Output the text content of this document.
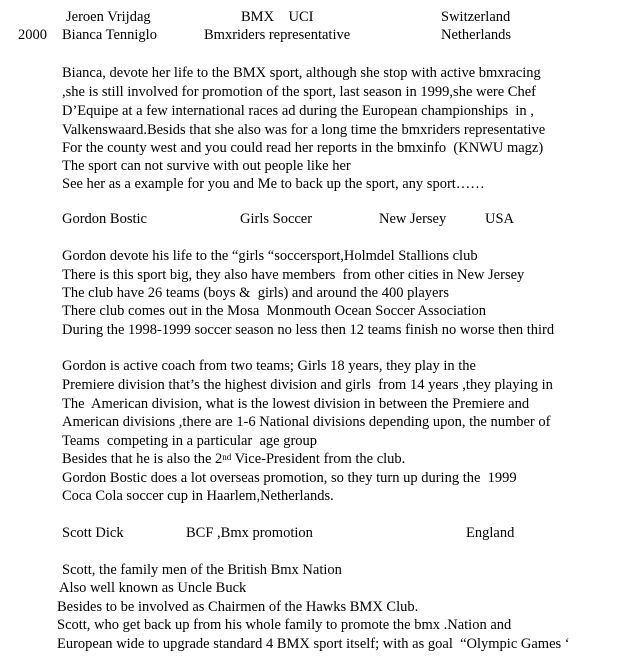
Jeroen Vrijdag	BMX    UCI	Switzerland
2000 Bianca Tenniglo	Bmxriders representative	Netherlands
Bianca, devote her life to the BMX sport, although she stop with active bmxracing
,she is still involved for promotion of the sport, last season in 1999,she were Chef
D’Equipe at a few international races ad during the European championships  in ,
Valkenswaard.Besids that she also was for a long time the bmxriders representative
For the county west and you could read her reports in the bmxinfo  (KNWU magz)
The sport can not survive with out people like her
See her as a example for you and Me to back up the sport, any sport……
Gordon Bostic	Girls Soccer	New Jersey	USA
Gordon devote his life to the “girls “soccersport,Holmdel Stallions club
There is this sport big, they also have members  from other cities in New Jersey
The club have 26 teams (boys &  girls) and around the 400 players
There club comes out in the Mosa  Monmouth Ocean Soccer Association
During the 1998-1999 soccer season no less then 12 teams finish no worse then third
Gordon is active coach from two teams; Girls 18 years, they play in the
Premiere division that’s the highest division and girls  from 14 years ,they playing in
The  American division, what is the lowest division in between the Premiere and
American divisions ,there are 1-6 National divisions depending upon, the number of
Teams  competing in a particular  age group
Besides that he is also the 2nd Vice-President from the club.
Gordon Bostic does a lot overseas promotion, so they turn up during the  1999
Coca Cola soccer cup in Haarlem,Netherlands.
Scott Dick	BCF ,Bmx promotion	England
Scott, the family men of the British Bmx Nation
Also well known as Uncle Buck
Besides to be involved as Chairmen of the Hawks BMX Club.
Scott, who get back up from his whole family to promote the bmx .Nation and
European wide to upgrade standard 4 BMX sport itself; with as goal  “Olympic Games ‘
